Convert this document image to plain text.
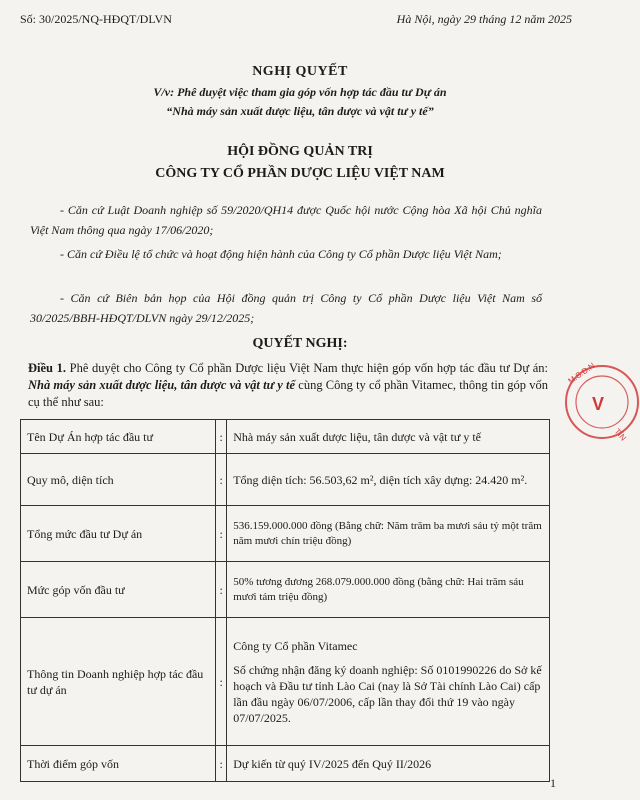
Số: 30/2025/NQ-HĐQT/DLVN	Hà Nội, ngày 29 tháng 12 năm 2025
NGHỊ QUYẾT
V/v: Phê duyệt việc tham gia góp vốn hợp tác đầu tư Dự án
“Nhà máy sản xuất dược liệu, tân dược và vật tư y tế”
HỘI ĐỒNG QUẢN TRỊ
CÔNG TY CỔ PHẦN DƯỢC LIỆU VIỆT NAM
- Căn cứ Luật Doanh nghiệp số 59/2020/QH14 được Quốc hội nước Cộng hòa Xã hội Chủ nghĩa Việt Nam thông qua ngày 17/06/2020;
- Căn cứ Điều lệ tổ chức và hoạt động hiện hành của Công ty Cổ phần Dược liệu Việt Nam;
- Căn cứ Biên bản họp của Hội đồng quản trị Công ty Cổ phần Dược liệu Việt Nam số 30/2025/BBH-HĐQT/DLVN ngày 29/12/2025;
QUYẾT NGHỊ:
Điều 1. Phê duyệt cho Công ty Cổ phần Dược liệu Việt Nam thực hiện góp vốn hợp tác đầu tư Dự án: Nhà máy sản xuất dược liệu, tân dược và vật tư y tế cùng Công ty cổ phần Vitamec, thông tin góp vốn cụ thể như sau:
Tên Dự Án hợp tác đầu tư	:	Nhà máy sản xuất dược liệu, tân dược và vật tư y tế
Quy mô, diện tích	:	Tổng diện tích: 56.503,62 m², diện tích xây dựng: 24.420 m².
Tổng mức đầu tư Dự án	:	536.159.000.000 đồng (Bằng chữ: Năm trăm ba mươi sáu tỷ một trăm năm mươi chín triệu đồng)

Mức góp vốn đầu tư	:	50% tương đương 268.079.000.000 đồng (bằng chữ: Hai trăm sáu mươi tám triệu đồng)

Thông tin Doanh nghiệp hợp tác đầu tư dự án	:	Công ty Cổ phần Vitamec
Số chứng nhận đăng ký doanh nghiệp: Số 0101990226 do Sở kế hoạch và Đầu tư tỉnh Lào Cai (nay là Sở Tài chính Lào Cai) cấp lần đầu ngày 06/07/2006, cấp lần thay đổi thứ 19 vào ngày 07/07/2025.

Thời điểm góp vốn	:	Dự kiến từ quý IV/2025 đến Quý II/2026
1
M.S.D.N
V
TỈN
